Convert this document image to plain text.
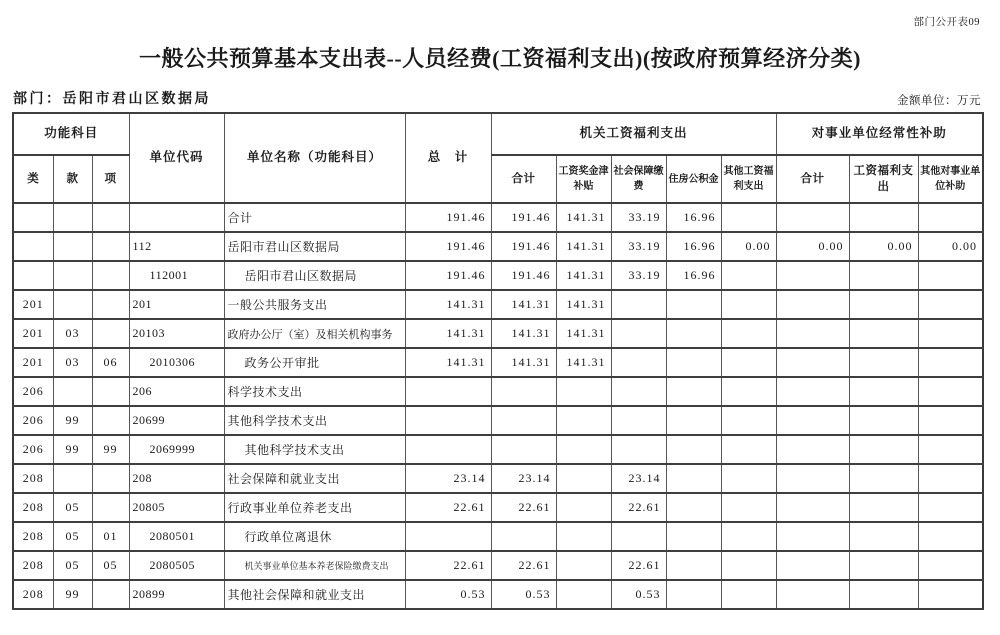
部门公开表09
一般公共预算基本支出表--人员经费(工资福利支出)(按政府预算经济分类)
部门：岳阳市君山区数据局	金额单位：万元
功能科目			单位代码	单位名称（功能科目）	总　计	机关工资福利支出					对事业单位经常性补助		
类	款	项				合计	工资奖金津补贴	社会保障缴费	住房公积金	其他工资福利支出	合计	工资福利支出	其他对事业单位补助
				合计	191.46	191.46	141.31	33.19	16.96				
			112	岳阳市君山区数据局	191.46	191.46	141.31	33.19	16.96	0.00	0.00	0.00	0.00
			112001	岳阳市君山区数据局	191.46	191.46	141.31	33.19	16.96				
201			201	一般公共服务支出	141.31	141.31	141.31						
201	03		20103	政府办公厅（室）及相关机构事务	141.31	141.31	141.31						
201	03	06	2010306	政务公开审批	141.31	141.31	141.31						
206			206	科学技术支出									
206	99		20699	其他科学技术支出									
206	99	99	2069999	其他科学技术支出									
208			208	社会保障和就业支出	23.14	23.14		23.14					
208	05		20805	行政事业单位养老支出	22.61	22.61		22.61					
208	05	01	2080501	行政单位离退休									
208	05	05	2080505	机关事业单位基本养老保险缴费支出	22.61	22.61		22.61					
208	99		20899	其他社会保障和就业支出	0.53	0.53		0.53					
